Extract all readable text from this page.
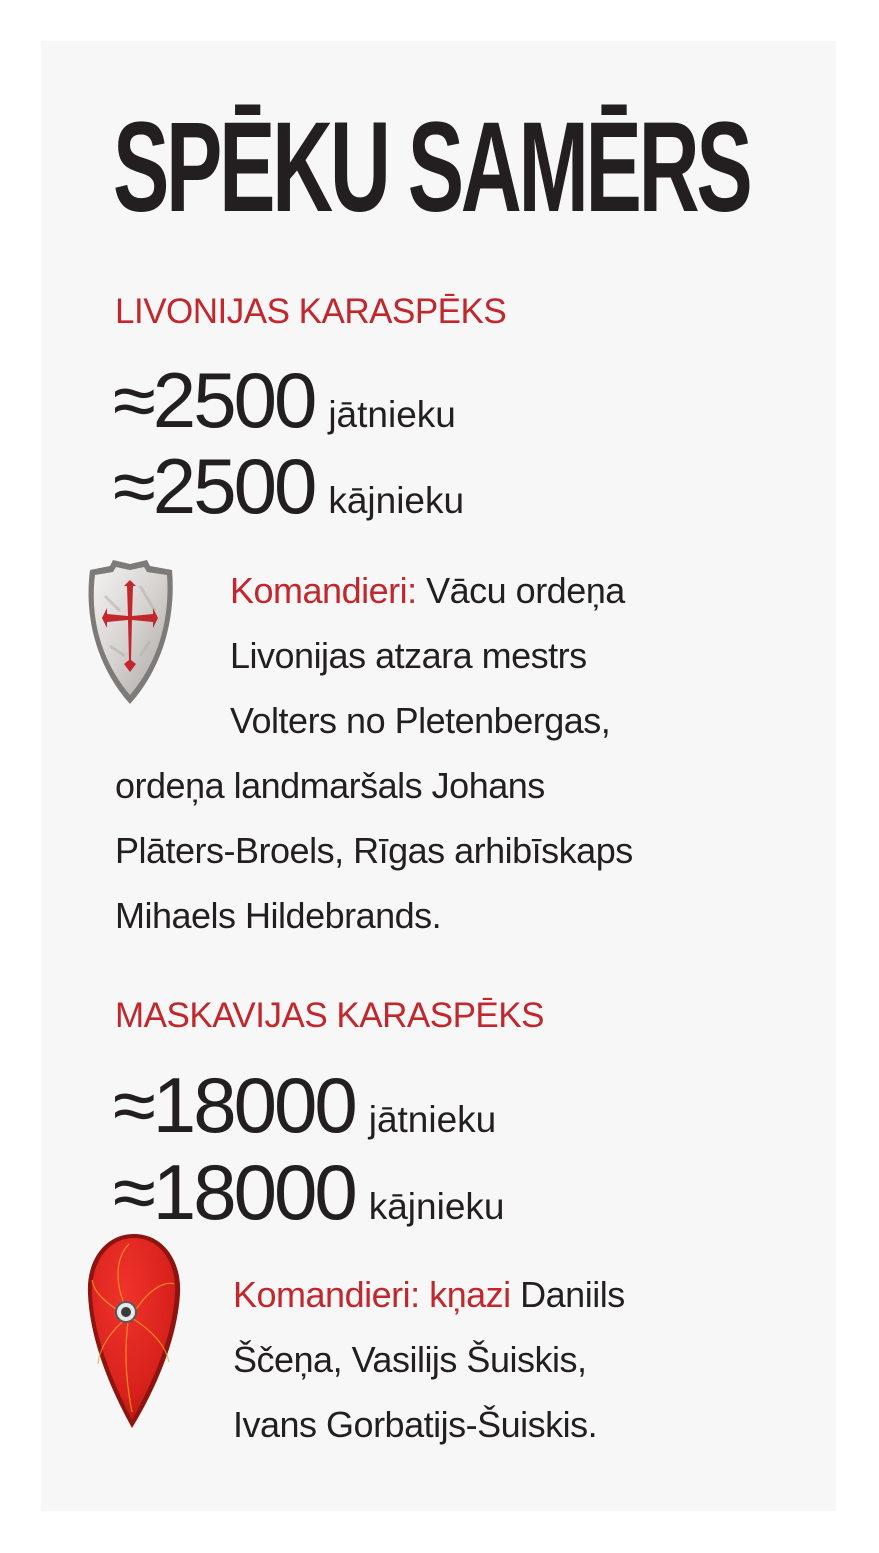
SPĒKU SAMĒRS
LIVONIJAS KARASPĒKS
≈2500 jātnieku
≈2500 kājnieku
Komandieri: Vācu ordeņa
Livonijas atzara mestrs
Volters no Pletenbergas,
ordeņa landmaršals Johans
Plāters-Broels, Rīgas arhibīskaps
Mihaels Hildebrands.
MASKAVIJAS KARASPĒKS
≈18000 jātnieku
≈18000 kājnieku
Komandieri: kņazi Daniils
Ščeņa, Vasilijs Šuiskis,
Ivans Gorbatijs-Šuiskis.
